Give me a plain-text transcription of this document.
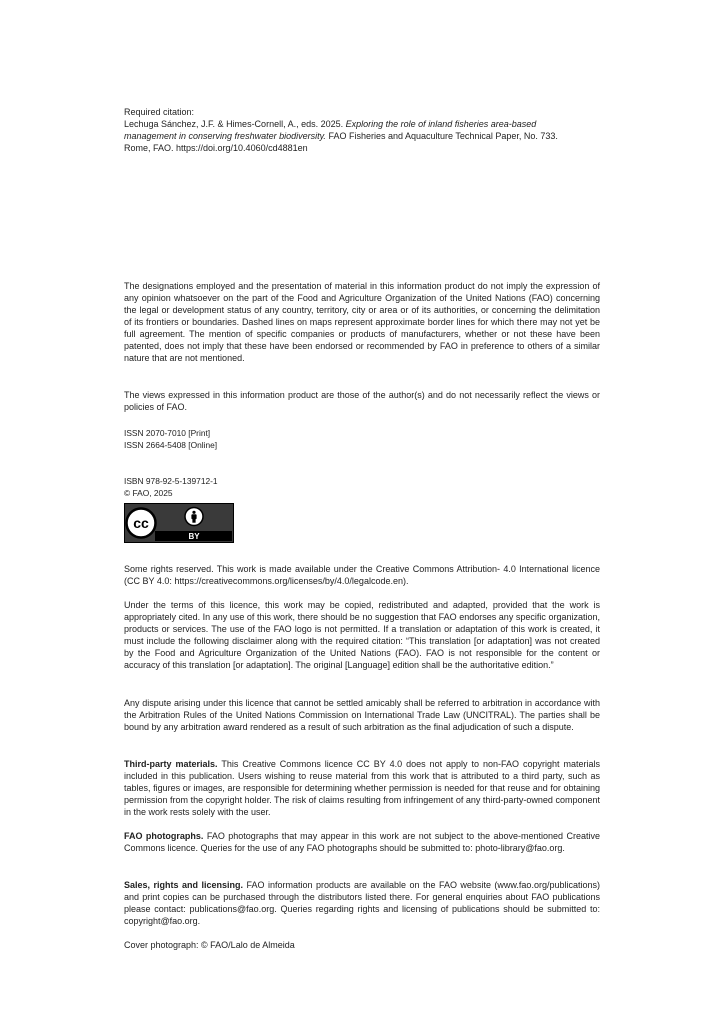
Required citation:
Lechuga Sánchez, J.F. & Himes-Cornell, A., eds. 2025. Exploring the role of inland fisheries area-based
management in conserving freshwater biodiversity. FAO Fisheries and Aquaculture Technical Paper, No. 733.
Rome, FAO. https://doi.org/10.4060/cd4881en

The designations employed and the presentation of material in this information product do not imply the expression of any opinion whatsoever on the part of the Food and Agriculture Organization of the United Nations (FAO) concerning the legal or development status of any country, territory, city or area or of its authorities, or concerning the delimitation of its frontiers or boundaries. Dashed lines on maps represent approximate border lines for which there may not yet be full agreement. The mention of specific companies or products of manufacturers, whether or not these have been patented, does not imply that these have been endorsed or recommended by FAO in preference to others of a similar nature that are not mentioned.

The views expressed in this information product are those of the author(s) and do not necessarily reflect the views or policies of FAO.

ISSN 2070-7010 [Print]
ISSN 2664-5408 [Online]
ISBN 978-92-5-139712-1
© FAO, 2025
cc
BY

Some rights reserved. This work is made available under the Creative Commons Attribution- 4.0 International licence (CC BY 4.0: https://creativecommons.org/licenses/by/4.0/legalcode.en).

Under the terms of this licence, this work may be copied, redistributed and adapted, provided that the work is appropriately cited. In any use of this work, there should be no suggestion that FAO endorses any specific organization, products or services. The use of the FAO logo is not permitted. If a translation or adaptation of this work is created, it must include the following disclaimer along with the required citation: “This translation [or adaptation] was not created by the Food and Agriculture Organization of the United Nations (FAO). FAO is not responsible for the content or accuracy of this translation [or adaptation]. The original [Language] edition shall be the authoritative edition.”

Any dispute arising under this licence that cannot be settled amicably shall be referred to arbitration in accordance with the Arbitration Rules of the United Nations Commission on International Trade Law (UNCITRAL). The parties shall be bound by any arbitration award rendered as a result of such arbitration as the final adjudication of such a dispute.

Third-party materials. This Creative Commons licence CC BY 4.0 does not apply to non-FAO copyright materials included in this publication. Users wishing to reuse material from this work that is attributed to a third party, such as tables, figures or images, are responsible for determining whether permission is needed for that reuse and for obtaining permission from the copyright holder. The risk of claims resulting from infringement of any third-party-owned component in the work rests solely with the user.

FAO photographs. FAO photographs that may appear in this work are not subject to the above-mentioned Creative Commons licence. Queries for the use of any FAO photographs should be submitted to: photo-library@fao.org.

Sales, rights and licensing. FAO information products are available on the FAO website (www.fao.org/publications) and print copies can be purchased through the distributors listed there. For general enquiries about FAO publications please contact: publications@fao.org. Queries regarding rights and licensing of publications should be submitted to: copyright@fao.org.

Cover photograph: © FAO/Lalo de Almeida
